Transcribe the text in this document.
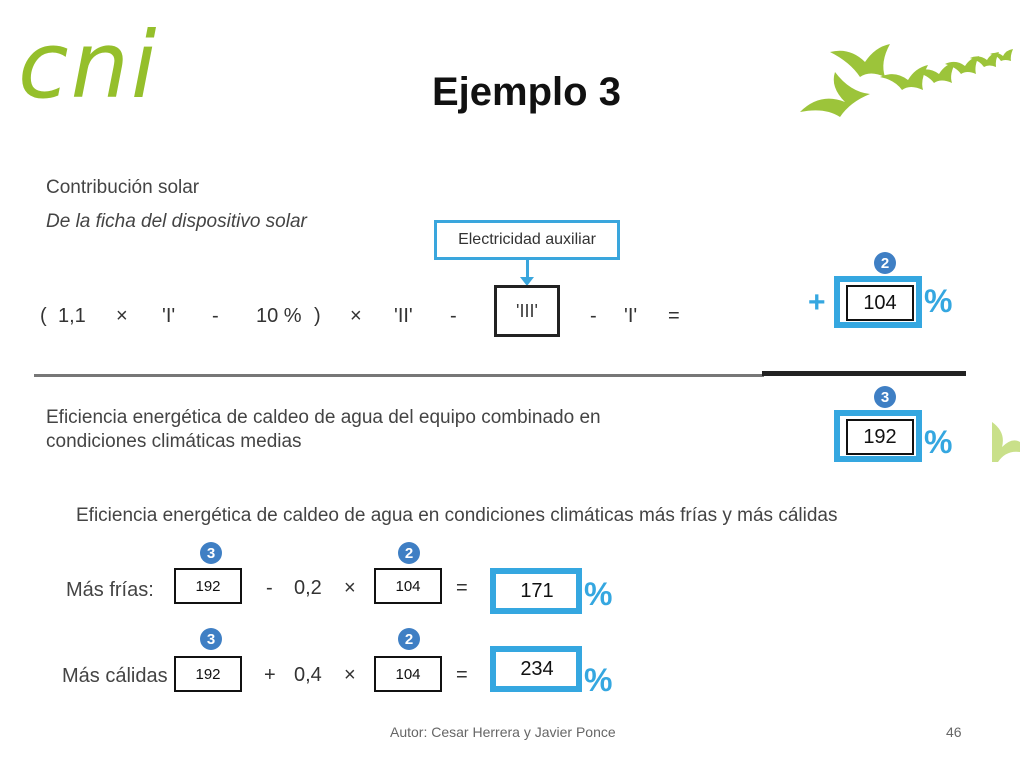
cni	Ejemplo 3
Contribución solar
De la ficha del dispositivo solar
Electricidad auxiliar
( 1,1 × 'I' - 10 % ) × 'II' -	'III'	- 'I' =
2
+	104 %
Eficiencia energética de caldeo de agua del equipo combinado en condiciones climáticas medias
3
192 %
Eficiencia energética de caldeo de agua en condiciones climáticas más frías y más cálidas
3	2
Más frías:	192	- 0,2 ×	104	=	171 %
3	2
Más cálidas	192	+ 0,4 ×	104	=	234 %
Autor: Cesar Herrera y Javier Ponce	46
